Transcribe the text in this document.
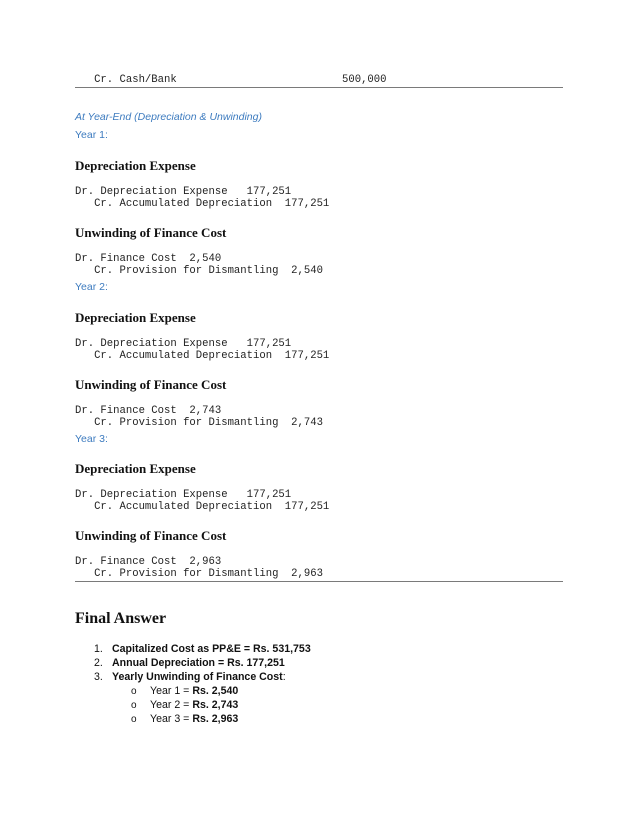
Cr. Cash/Bank	500,000
At Year-End (Depreciation & Unwinding)
Year 1:
Depreciation Expense
Dr. Depreciation Expense   177,251
Cr. Accumulated Depreciation  177,251
Unwinding of Finance Cost
Dr. Finance Cost  2,540
Cr. Provision for Dismantling  2,540
Year 2:
Depreciation Expense
Dr. Depreciation Expense   177,251
Cr. Accumulated Depreciation  177,251
Unwinding of Finance Cost
Dr. Finance Cost  2,743
Cr. Provision for Dismantling  2,743
Year 3:
Depreciation Expense
Dr. Depreciation Expense   177,251
Cr. Accumulated Depreciation  177,251
Unwinding of Finance Cost
Dr. Finance Cost  2,963
Cr. Provision for Dismantling  2,963
Final Answer
1. Capitalized Cost as PP&E = Rs. 531,753
2. Annual Depreciation = Rs. 177,251
3. Yearly Unwinding of Finance Cost:
o Year 1 = Rs. 2,540
o Year 2 = Rs. 2,743
o Year 3 = Rs. 2,963
